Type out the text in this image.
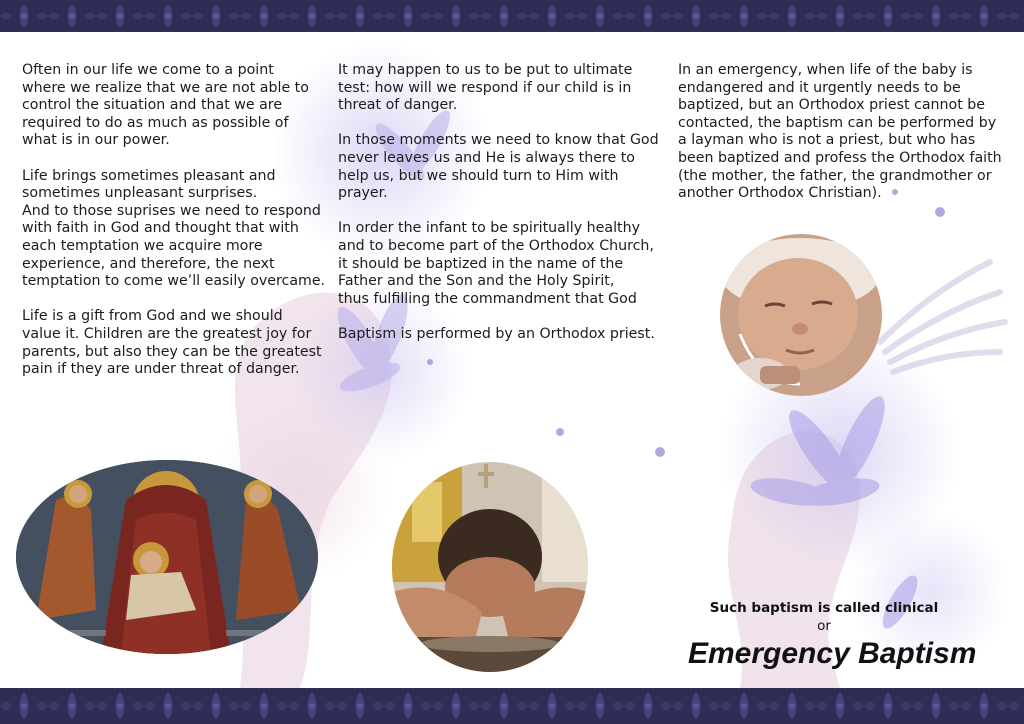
Often in our life we come to a point
where we realize that we are not able to
control the situation and that we are
required to do as much as possible of
what is in our power.

Life brings sometimes pleasant and
sometimes unpleasant surprises.
And to those suprises we need to respond
with faith in God and thought that with
each temptation we acquire more
experience, and therefore, the next
temptation to come we’ll easily overcame.

Life is a gift from God and we should
value it. Children are the greatest joy for
parents, but also they can be the greatest
pain if they are under threat of danger.

It may happen to us to be put to ultimate
test: how will we respond if our child is in
threat of danger.

In those moments we need to know that God
never leaves us and He is always there to
help us, but we should turn to Him with
prayer.

In order the infant to be spiritually healthy
and to become part of the Orthodox Church,
it should be baptized in the name of the
Father and the Son and the Holy Spirit,
thus fulfilling the commandment that God

Baptism is performed by an Orthodox priest.

In an emergency, when life of the baby is
endangered and it urgently needs to be
baptized, but an Orthodox priest cannot be
contacted, the baptism can be performed by
a layman who is not a priest, but who has
been baptized and profess the Orthodox faith
(the mother, the father, the grandmother or
another Orthodox Christian).

Such baptism is called clinical
or
Emergency Baptism
